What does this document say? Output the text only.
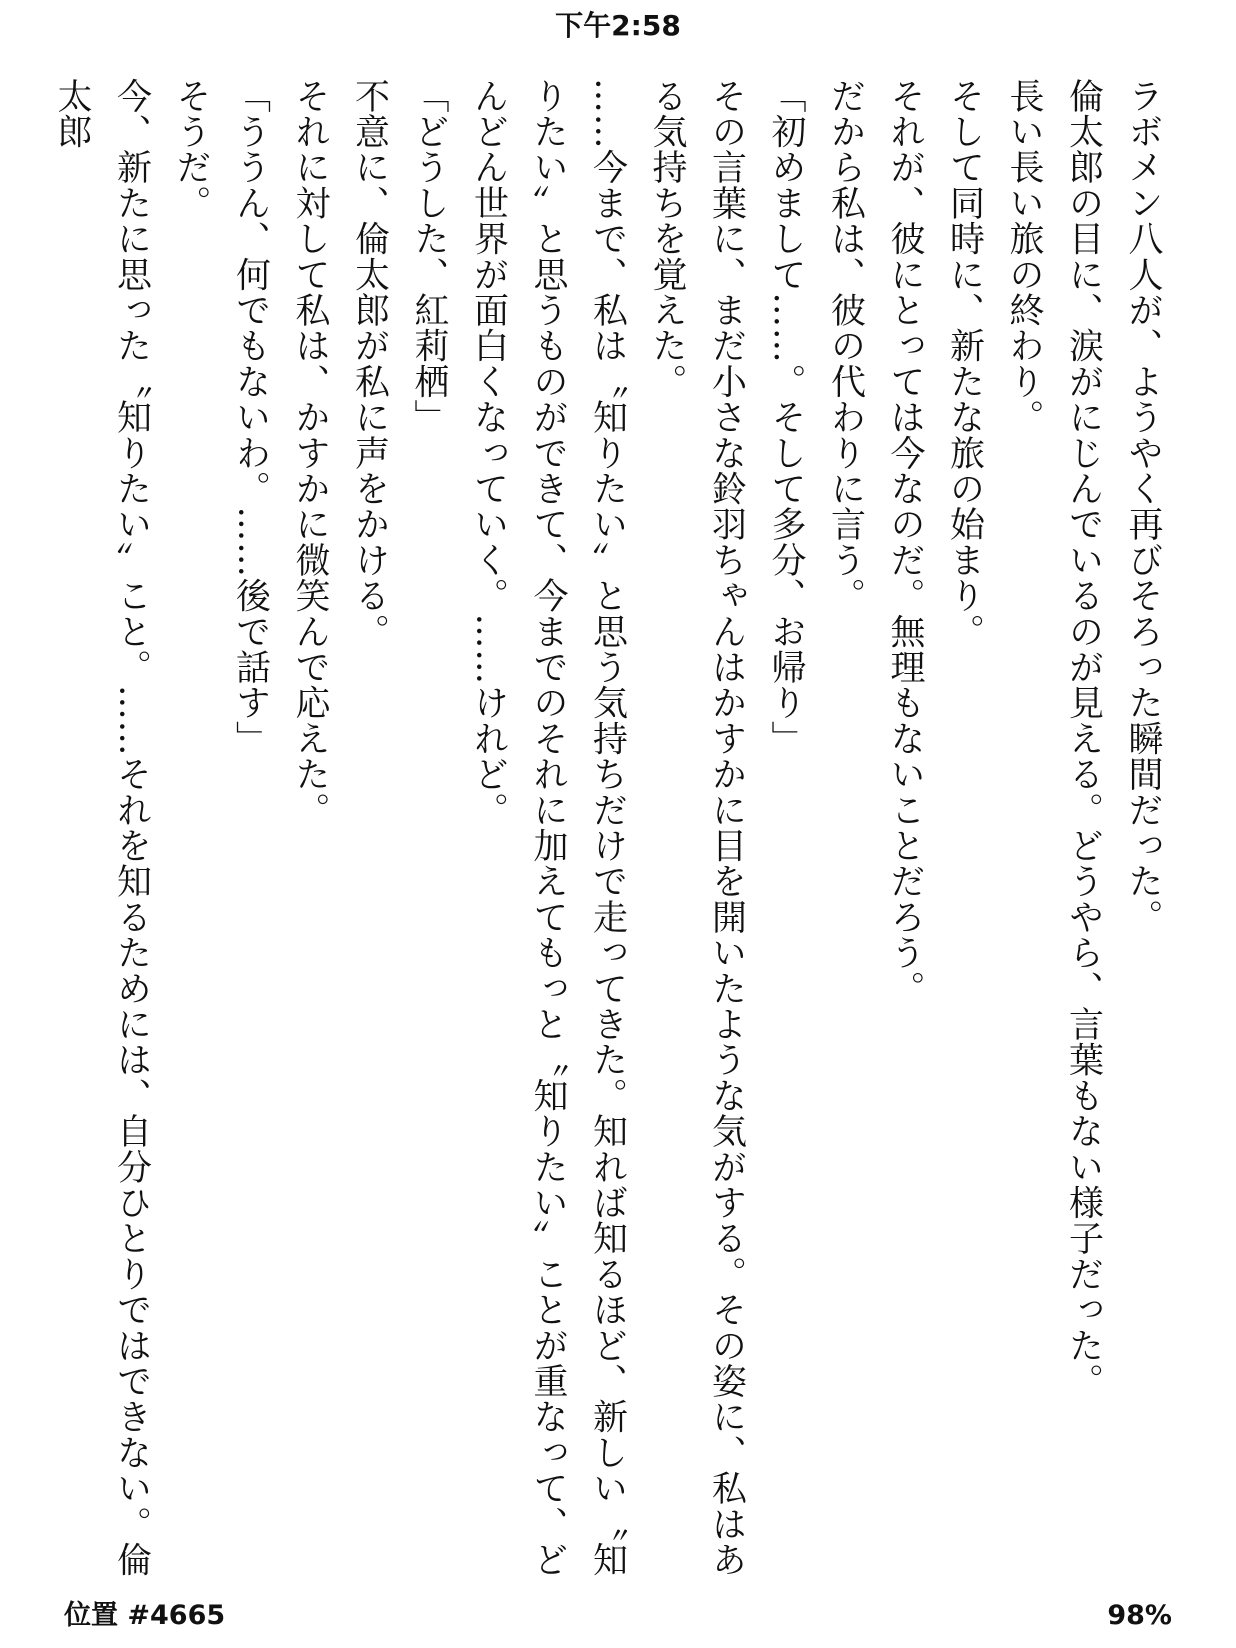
下午2:58

ラボメン八人が、ようやく再びそろった瞬間だった。

倫太郎の目に、涙がにじんでいるのが見える。どうやら、言葉もない様子だった。

長い長い旅の終わり。

そして同時に、新たな旅の始まり。

それが、彼にとっては今なのだ。無理もないことだろう。

だから私は、彼の代わりに言う。

「初めまして……。そして多分、お帰り」

その言葉に、まだ小さな鈴羽ちゃんはかすかに目を開いたような気がする。その姿に、私はある気持ちを覚えた。

……今まで、私は〝知りたい〟と思う気持ちだけで走ってきた。知れば知るほど、新しい〝知りたい〟と思うものができて、今までのそれに加えてもっと〝知りたい〟ことが重なって、どんどん世界が面白くなっていく。……けれど。

「どうした、紅莉栖」

不意に、倫太郎が私に声をかける。

それに対して私は、かすかに微笑んで応えた。

「ううん、何でもないわ。……後で話す」

そうだ。

今、新たに思った〝知りたい〟こと。……それを知るためには、自分ひとりではできない。倫太郎

位置 #4665	98%
